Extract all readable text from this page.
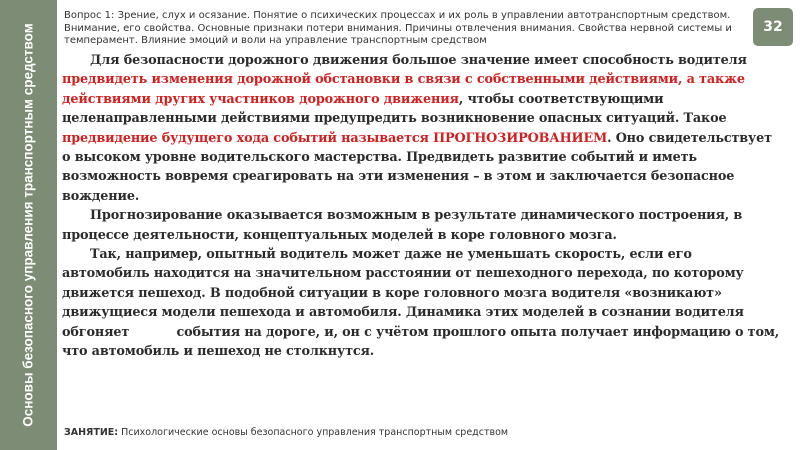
Основы безопасного управления транспортным средством
Вопрос 1: Зрение, слух и осязание. Понятие о психических процессах и их роль в управлении автотранспортным средством. Внимание, его свойства. Основные признаки потери внимания. Причины отвлечения внимания. Свойства нервной системы и темперамент. Влияние эмоций и воли на управление транспортным средством
32

Для безопасности дорожного движения большое значение имеет способность водителя предвидеть изменения дорожной обстановки в связи с собственными действиями, а также действиями других участников дорожного движения, чтобы соответствующими целенаправленными действиями предупредить возникновение опасных ситуаций. Такое предвидение будущего хода событий называется ПРОГНОЗИРОВАНИЕМ. Оно свидетельствует о высоком уровне водительского мастерства. Предвидеть развитие событий и иметь возможность вовремя среагировать на эти изменения – в этом и заключается безопасное вождение.

Прогнозирование оказывается возможным в результате динамического построения, в процессе деятельности, концептуальных моделей в коре головного мозга.

Так, например, опытный водитель может даже не уменьшать скорость, если его автомобиль находится на значительном расстоянии от пешеходного перехода, по которому движется пешеход. В подобной ситуации в коре головного мозга водителя «возникают» движущиеся модели пешехода и автомобиля. Динамика этих моделей в сознании водителя обгоняет           события на дороге, и, он с учётом прошлого опыта получает информацию о том, что автомобиль и пешеход не столкнутся.

ЗАНЯТИЕ: Психологические основы безопасного управления транспортным средством
